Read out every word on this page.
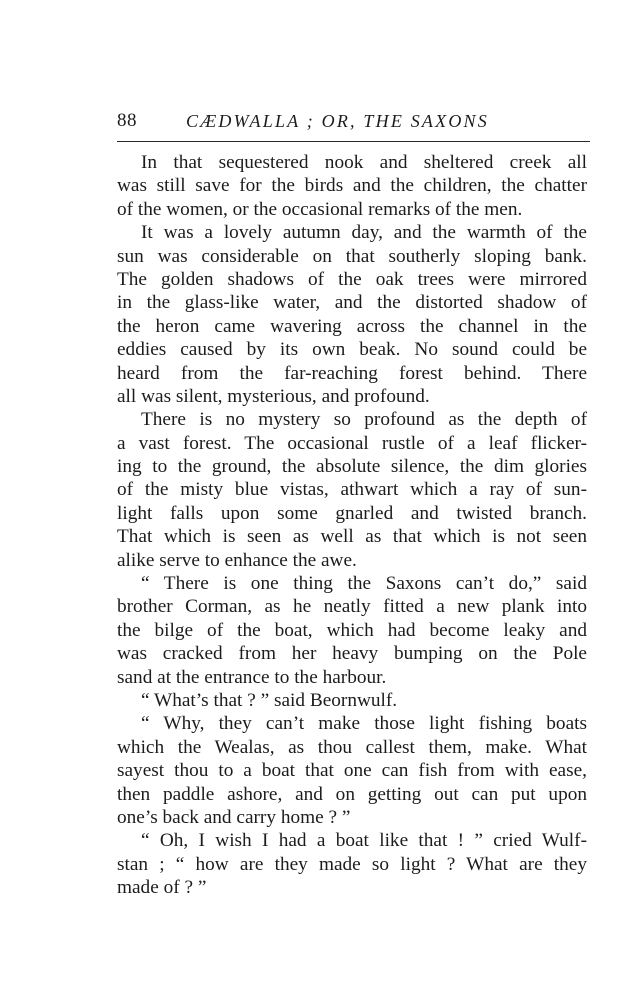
88	CÆDWALLA ; OR, THE SAXONS
In that sequestered nook and sheltered creek all
was still save for the birds and the children, the chatter
of the women, or the occasional remarks of the men.
It was a lovely autumn day, and the warmth of the
sun was considerable on that southerly sloping bank.
The golden shadows of the oak trees were mirrored
in the glass-like water, and the distorted shadow of
the heron came wavering across the channel in the
eddies caused by its own beak. No sound could be
heard from the far-reaching forest behind. There
all was silent, mysterious, and profound.
There is no mystery so profound as the depth of
a vast forest. The occasional rustle of a leaf flicker-
ing to the ground, the absolute silence, the dim glories
of the misty blue vistas, athwart which a ray of sun-
light falls upon some gnarled and twisted branch.
That which is seen as well as that which is not seen
alike serve to enhance the awe.
“ There is one thing the Saxons can’t do,” said
brother Corman, as he neatly fitted a new plank into
the bilge of the boat, which had become leaky and
was cracked from her heavy bumping on the Pole
sand at the entrance to the harbour.
“ What’s that ? ” said Beornwulf.
“ Why, they can’t make those light fishing boats
which the Wealas, as thou callest them, make. What
sayest thou to a boat that one can fish from with ease,
then paddle ashore, and on getting out can put upon
one’s back and carry home ? ”
“ Oh, I wish I had a boat like that ! ” cried Wulf-
stan ; “ how are they made so light ? What are they
made of ? ”
